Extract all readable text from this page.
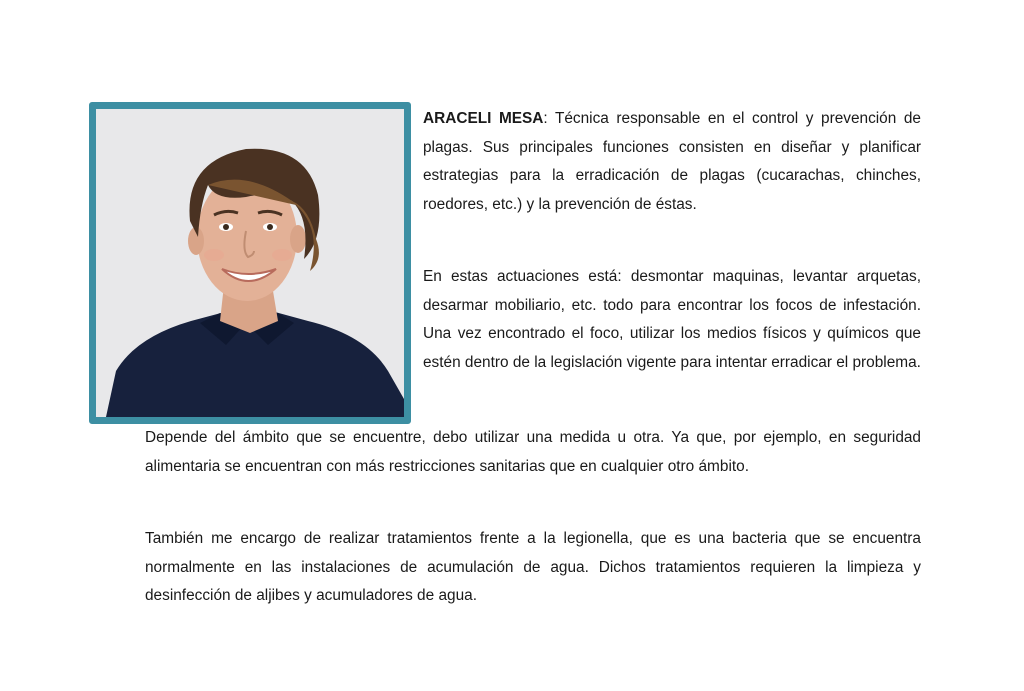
ARACELI MESA: Técnica responsable en el control y prevención de plagas. Sus principales funciones consisten en diseñar y planificar estrategias para la erradicación de plagas (cucarachas, chinches, roedores, etc.) y la prevención de éstas.

En estas actuaciones está: desmontar maquinas, levantar arquetas, desarmar mobiliario, etc. todo para encontrar los focos de infestación. Una vez encontrado el foco, utilizar los medios físicos y químicos que estén dentro de la legislación vigente para intentar erradicar el problema.

Depende del ámbito que se encuentre, debo utilizar una medida u otra. Ya que, por ejemplo, en seguridad alimentaria se encuentran con más restricciones sanitarias que en cualquier otro ámbito.

También me encargo de realizar tratamientos frente a la legionella, que es una bacteria que se encuentra normalmente en las instalaciones de acumulación de agua. Dichos tratamientos requieren la limpieza y desinfección de aljibes y acumuladores de agua.
